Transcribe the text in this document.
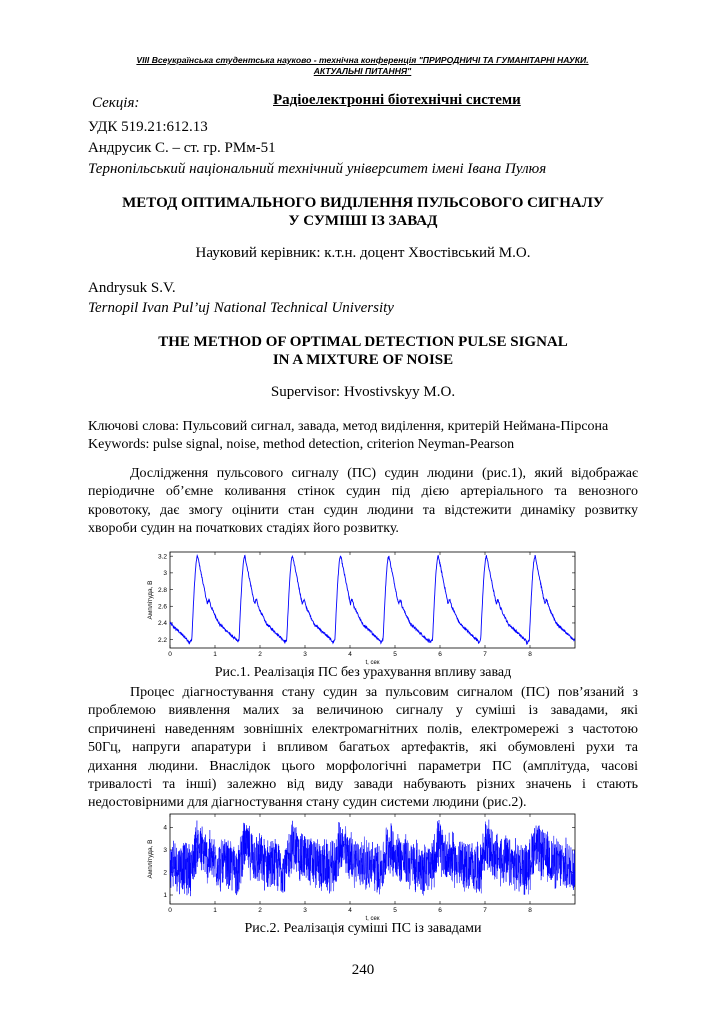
VIII Всеукраїнська студентська науково - технічна конференція "ПРИРОДНИЧІ ТА ГУМАНІТАРНІ НАУКИ.
АКТУАЛЬНІ ПИТАННЯ"
Секція:	Радіоелектронні біотехнічні системи
УДК 519.21:612.13
Андрусик С. – ст. гр. РМм-51
Тернопільський національний технічний університет імені Івана Пулюя
МЕТОД ОПТИМАЛЬНОГО ВИДІЛЕННЯ ПУЛЬСОВОГО СИГНАЛУ
У СУМІШІ ІЗ ЗАВАД
Науковий керівник: к.т.н. доцент Хвостівський М.О.
Andrysuk S.V.
Ternopil Ivan Pul’uj National Technical University
THE METHOD OF OPTIMAL DETECTION PULSE SIGNAL
IN A MIXTURE OF NOISE
Supervisor: Hvostivskyy M.O.
Ключові слова: Пульсовий сигнал, завада, метод виділення, критерій Неймана-Пірсона
Keywords: pulse signal, noise, method detection, criterion Neyman-Pearson

Дослідження пульсового сигналу (ПС) судин людини (рис.1), який відображає

періодичне об’ємне коливання стінок судин під дією артеріального та венозного

кровотоку, дає змогу оцінити стан судин людини та відстежити динаміку розвитку

хвороби судин на початкових стадіях його розвитку.

0	1	2	3	4	5	6	7	8
2.2
2.4
2.6
2.8
3
3.2
t, сек
Амплітуда, В
Рис.1. Реалізація ПС без урахування впливу завад

Процес діагностування стану судин за пульсовим сигналом (ПС) пов’язаний з

проблемою виявлення малих за величиною сигналу у суміші із завадами, які

спричинені наведенням зовнішніх електромагнітних полів, електромережі з частотою

50Гц, напруги апаратури і впливом багатьох артефактів, які обумовлені рухи та

дихання людини. Внаслідок цього морфологічні параметри ПС (амплітуда, часові

тривалості та інші) залежно від виду завади набувають різних значень і стають

недостовірними для діагностування стану судин системи людини (рис.2).

0	1	2	3	4	5	6	7	8
1
2
3
4
t, сек
Амплітуда, В
Рис.2. Реалізація суміші ПС із завадами
240
